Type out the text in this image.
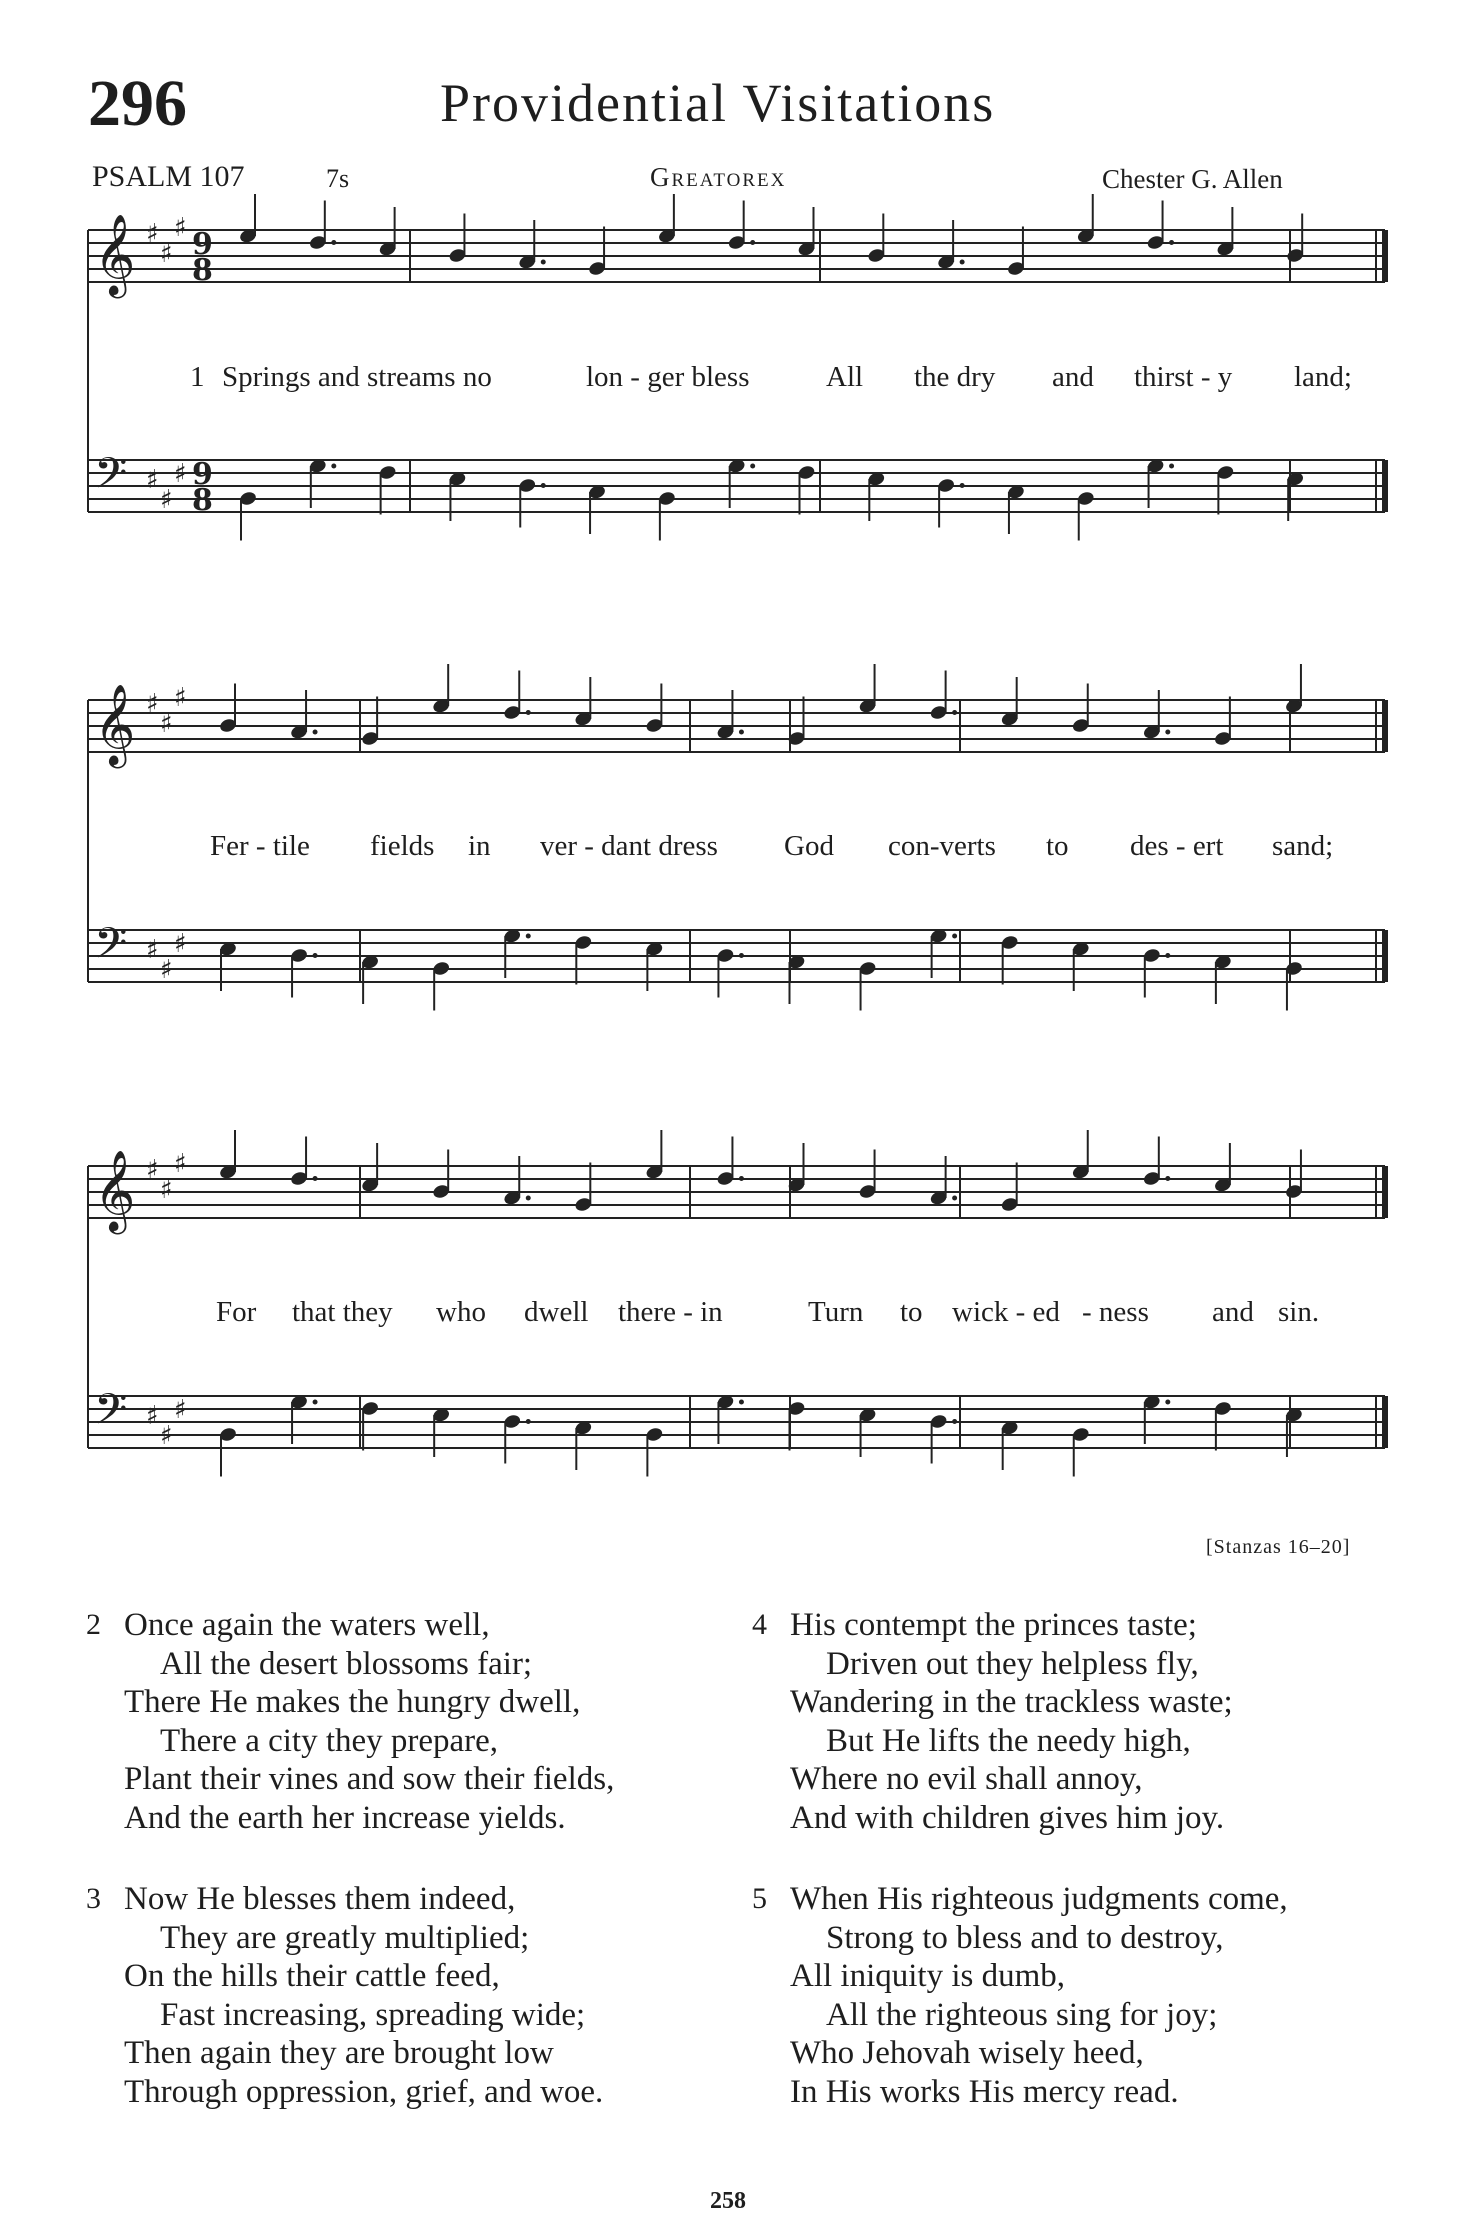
296	Providential Visitations
PSALM 107	7s	Greatorex	Chester G. Allen
𝄞 ♯
♯
♯ 9
8
𝄢 ♯
♯
♯ 9
8
𝄞 ♯
♯
♯
𝄢 ♯
♯
♯
𝄞 ♯
♯
♯
𝄢 ♯
♯
♯
1 Springs and streams no	lon - ger bless	All the dry and thirst - y land;
Fer - tile fields in ver - dant dress God con-verts to des - ert sand;
For that they who dwell there - in	Turn to wick - ed - ness and sin.
[Stanzas 16–20]
2 Once again the waters well,
All the desert blossoms fair;
There He makes the hungry dwell,
There a city they prepare,
Plant their vines and sow their fields,
And the earth her increase yields.
4 His contempt the princes taste;
Driven out they helpless fly,
Wandering in the trackless waste;
But He lifts the needy high,
Where no evil shall annoy,
And with children gives him joy.
3 Now He blesses them indeed,
They are greatly multiplied;
On the hills their cattle feed,
Fast increasing, spreading wide;
Then again they are brought low
Through oppression, grief, and woe.
5 When His righteous judgments come,
Strong to bless and to destroy,
All iniquity is dumb,
All the righteous sing for joy;
Who Jehovah wisely heed,
In His works His mercy read.
258
